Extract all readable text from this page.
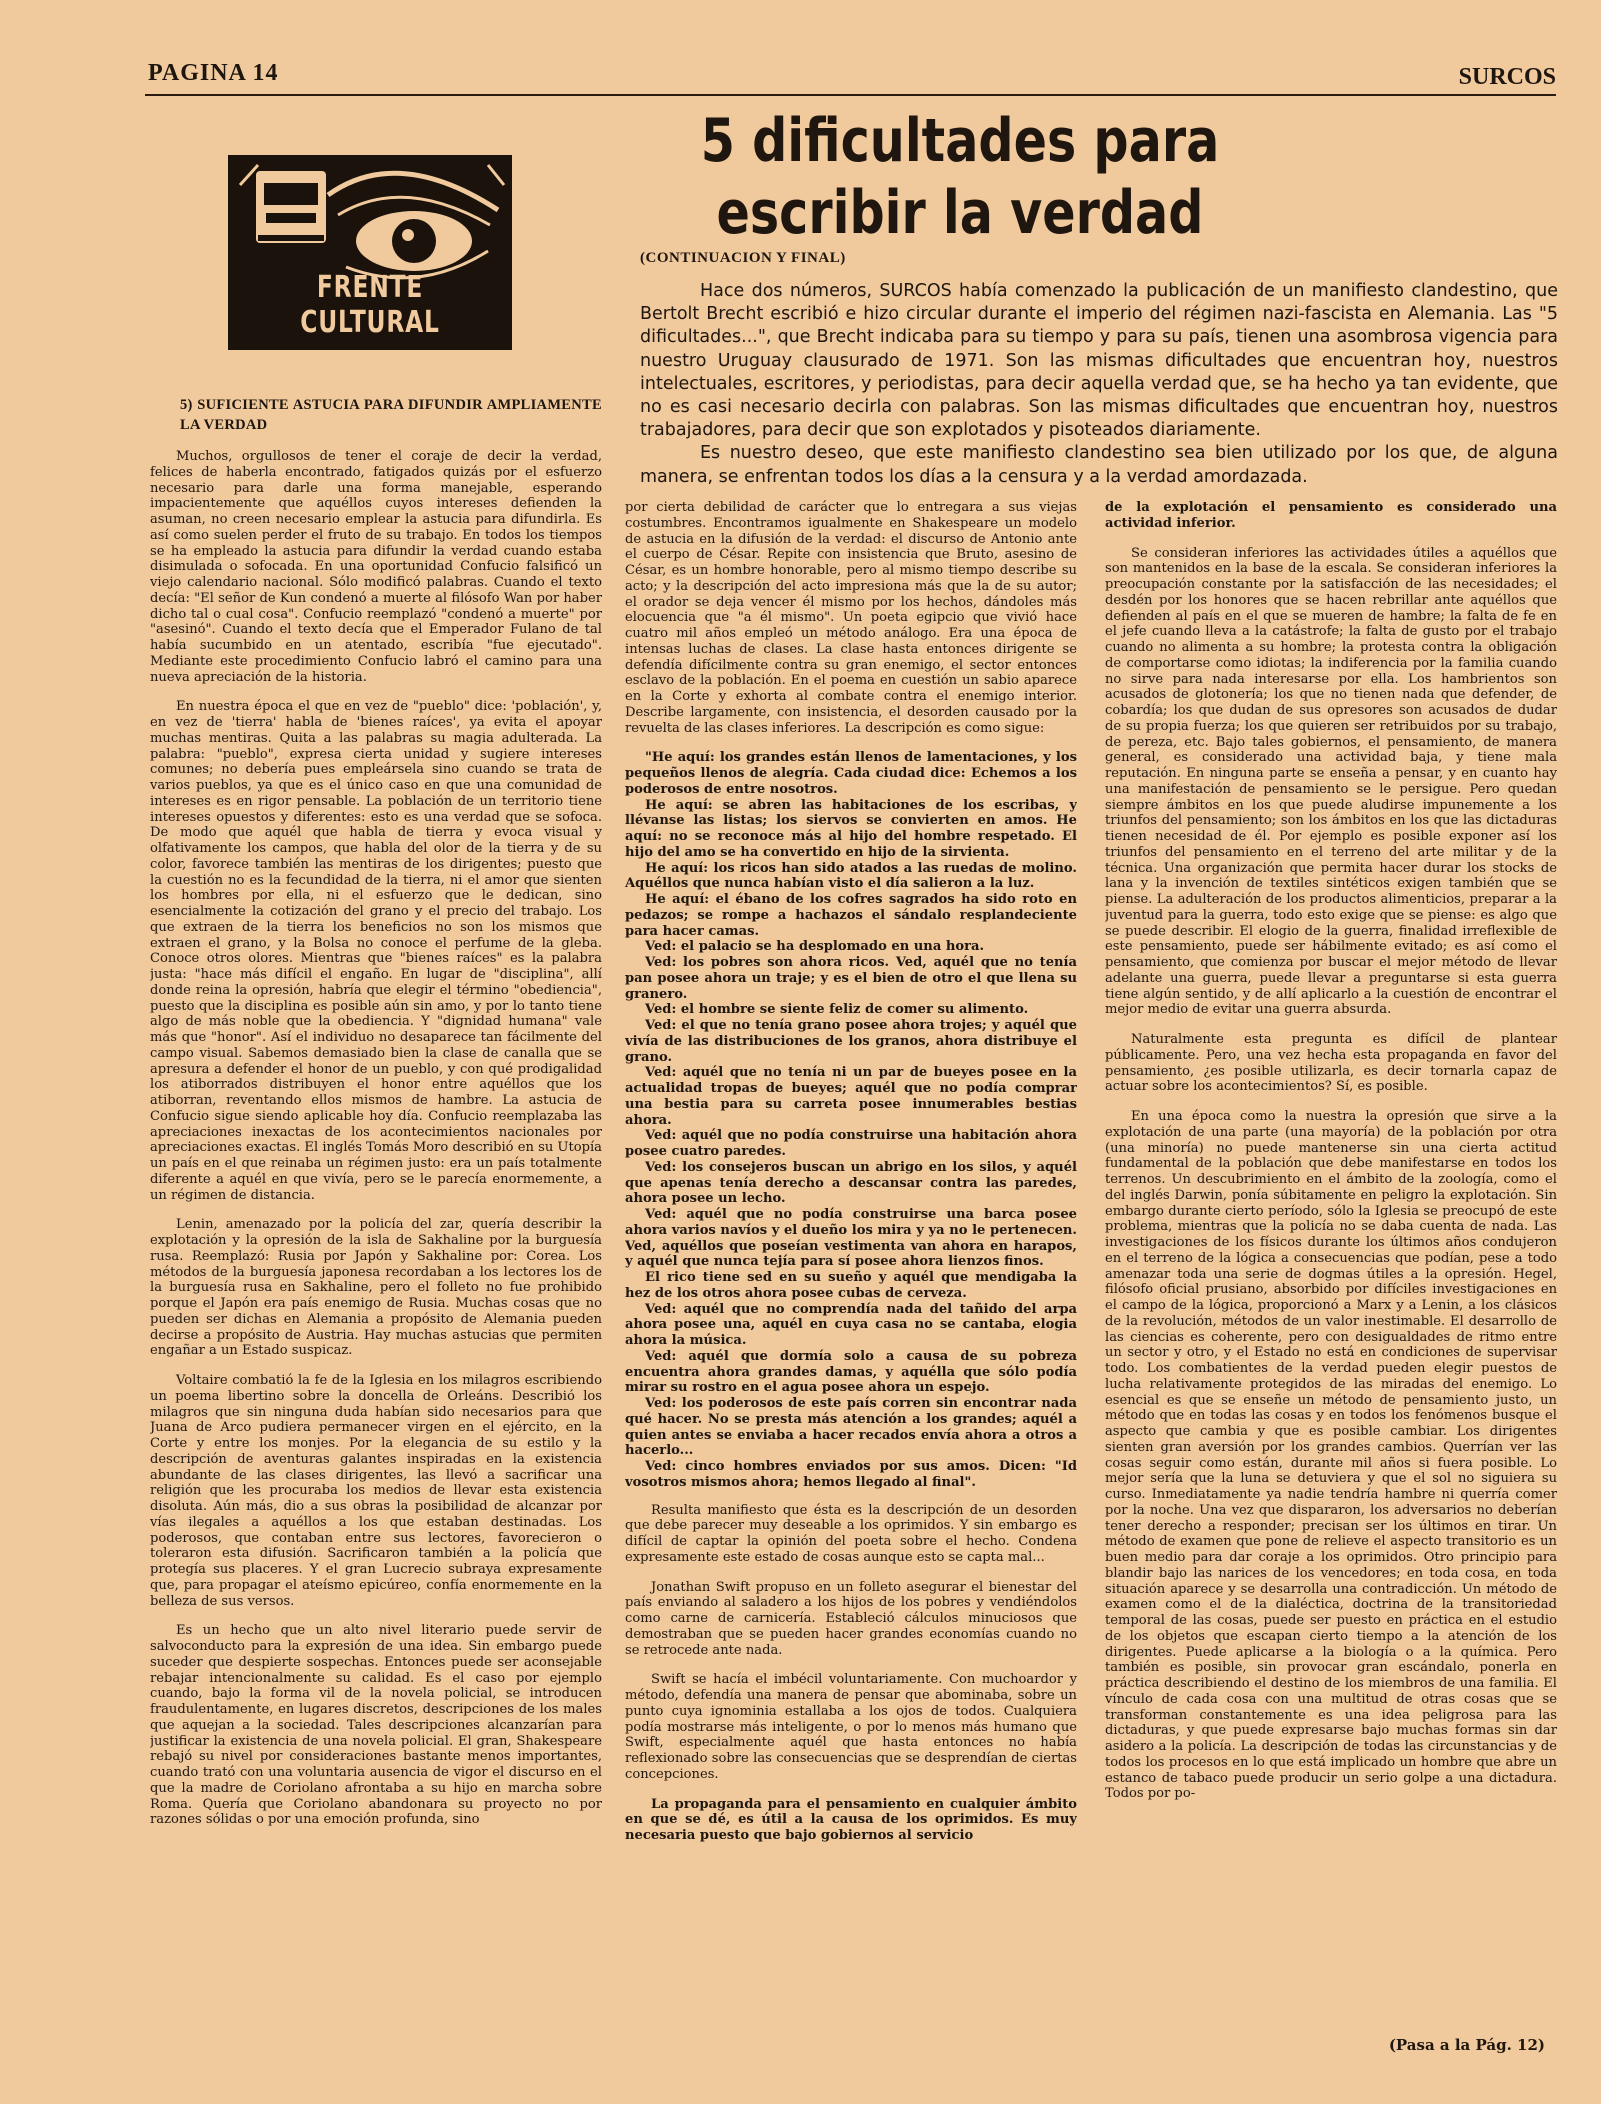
PAGINA 14	SURCOS
5 dificultades para escribir la verdad
(CONTINUACION Y FINAL)
FRENTE CULTURAL

Hace dos números, SURCOS había comenzado la publicación de un manifiesto clandestino, que Bertolt Brecht escribió e hizo circular durante el imperio del régimen nazi-fascista en Alemania. Las "5 dificultades...", que Brecht indicaba para su tiempo y para su país, tienen una asombrosa vigencia para nuestro Uruguay clausurado de 1971. Son las mismas dificultades que encuentran hoy, nuestros intelectuales, escritores, y periodistas, para decir aquella verdad que, se ha hecho ya tan evidente, que no es casi necesario decirla con palabras. Son las mismas dificultades que encuentran hoy, nuestros trabajadores, para decir que son explotados y pisoteados diariamente.

Es nuestro deseo, que este manifiesto clandestino sea bien utilizado por los que, de alguna manera, se enfrentan todos los días a la censura y a la verdad amordazada.

5) SUFICIENTE ASTUCIA PARA DIFUNDIR AMPLIAMENTE LA VERDAD

Muchos, orgullosos de tener el coraje de decir la verdad, felices de haberla encontrado, fatigados quizás por el esfuerzo necesario para darle una forma manejable, esperando impacientemente que aquéllos cuyos intereses defienden la asuman, no creen necesario emplear la astucia para difundirla. Es así como suelen perder el fruto de su trabajo. En todos los tiempos se ha empleado la astucia para difundir la verdad cuando estaba disimulada o sofocada. En una oportunidad Confucio falsificó un viejo calendario nacional. Sólo modificó palabras. Cuando el texto decía: "El señor de Kun condenó a muerte al filósofo Wan por haber dicho tal o cual cosa". Confucio reemplazó "condenó a muerte" por "asesinó". Cuando el texto decía que el Emperador Fulano de tal había sucumbido en un atentado, escribía "fue ejecutado". Mediante este procedimiento Confucio labró el camino para una nueva apreciación de la historia.

En nuestra época el que en vez de "pueblo" dice: 'población', y, en vez de 'tierra' habla de 'bienes raíces', ya evita el apoyar muchas mentiras. Quita a las palabras su magia adulterada. La palabra: "pueblo", expresa cierta unidad y sugiere intereses comunes; no debería pues empleársela sino cuando se trata de varios pueblos, ya que es el único caso en que una comunidad de intereses es en rigor pensable. La población de un territorio tiene intereses opuestos y diferentes: esto es una verdad que se sofoca. De modo que aquél que habla de tierra y evoca visual y olfativamente los campos, que habla del olor de la tierra y de su color, favorece también las mentiras de los dirigentes; puesto que la cuestión no es la fecundidad de la tierra, ni el amor que sienten los hombres por ella, ni el esfuerzo que le dedican, sino esencialmente la cotización del grano y el precio del trabajo. Los que extraen de la tierra los beneficios no son los mismos que extraen el grano, y la Bolsa no conoce el perfume de la gleba. Conoce otros olores. Mientras que "bienes raíces" es la palabra justa: "hace más difícil el engaño. En lugar de "disciplina", allí donde reina la opresión, habría que elegir el término "obediencia", puesto que la disciplina es posible aún sin amo, y por lo tanto tiene algo de más noble que la obediencia. Y "dignidad humana" vale más que "honor". Así el individuo no desaparece tan fácilmente del campo visual. Sabemos demasiado bien la clase de canalla que se apresura a defender el honor de un pueblo, y con qué prodigalidad los atiborrados distribuyen el honor entre aquéllos que los atiborran, reventando ellos mismos de hambre. La astucia de Confucio sigue siendo aplicable hoy día. Confucio reemplazaba las apreciaciones inexactas de los acontecimientos nacionales por apreciaciones exactas. El inglés Tomás Moro describió en su Utopía un país en el que reinaba un régimen justo: era un país totalmente diferente a aquél en que vivía, pero se le parecía enormemente, a un régimen de distancia.

Lenin, amenazado por la policía del zar, quería describir la explotación y la opresión de la isla de Sakhaline por la burguesía rusa. Reemplazó: Rusia por Japón y Sakhaline por: Corea. Los métodos de la burguesía japonesa recordaban a los lectores los de la burguesía rusa en Sakhaline, pero el folleto no fue prohibido porque el Japón era país enemigo de Rusia. Muchas cosas que no pueden ser dichas en Alemania a propósito de Alemania pueden decirse a propósito de Austria. Hay muchas astucias que permiten engañar a un Estado suspicaz.

Voltaire combatió la fe de la Iglesia en los milagros escribiendo un poema libertino sobre la doncella de Orleáns. Describió los milagros que sin ninguna duda habían sido necesarios para que Juana de Arco pudiera permanecer virgen en el ejército, en la Corte y entre los monjes. Por la elegancia de su estilo y la descripción de aventuras galantes inspiradas en la existencia abundante de las clases dirigentes, las llevó a sacrificar una religión que les procuraba los medios de llevar esta existencia disoluta. Aún más, dio a sus obras la posibilidad de alcanzar por vías ilegales a aquéllos a los que estaban destinadas. Los poderosos, que contaban entre sus lectores, favorecieron o toleraron esta difusión. Sacrificaron también a la policía que protegía sus placeres. Y el gran Lucrecio subraya expresamente que, para propagar el ateísmo epicúreo, confía enormemente en la belleza de sus versos.

Es un hecho que un alto nivel literario puede servir de salvoconducto para la expresión de una idea. Sin embargo puede suceder que despierte sospechas. Entonces puede ser aconsejable rebajar intencionalmente su calidad. Es el caso por ejemplo cuando, bajo la forma vil de la novela policial, se introducen fraudulentamente, en lugares discretos, descripciones de los males que aquejan a la sociedad. Tales descripciones alcanzarían para justificar la existencia de una novela policial. El gran, Shakespeare rebajó su nivel por consideraciones bastante menos importantes, cuando trató con una voluntaria ausencia de vigor el discurso en el que la madre de Coriolano afrontaba a su hijo en marcha sobre Roma. Quería que Coriolano abandonara su proyecto no por razones sólidas o por una emoción profunda, sino

por cierta debilidad de carácter que lo entregara a sus viejas costumbres. Encontramos igualmente en Shakespeare un modelo de astucia en la difusión de la verdad: el discurso de Antonio ante el cuerpo de César. Repite con insistencia que Bruto, asesino de César, es un hombre honorable, pero al mismo tiempo describe su acto; y la descripción del acto impresiona más que la de su autor; el orador se deja vencer él mismo por los hechos, dándoles más elocuencia que "a él mismo". Un poeta egipcio que vivió hace cuatro mil años empleó un método análogo. Era una época de intensas luchas de clases. La clase hasta entonces dirigente se defendía difícilmente contra su gran enemigo, el sector entonces esclavo de la población. En el poema en cuestión un sabio aparece en la Corte y exhorta al combate contra el enemigo interior. Describe largamente, con insistencia, el desorden causado por la revuelta de las clases inferiores. La descripción es como sigue:

"He aquí: los grandes están llenos de lamentaciones, y los pequeños llenos de alegría. Cada ciudad dice: Echemos a los poderosos de entre nosotros.
He aquí: se abren las habitaciones de los escribas, y llévanse las listas; los siervos se convierten en amos. He aquí: no se reconoce más al hijo del hombre respetado. El hijo del amo se ha convertido en hijo de la sirvienta.
He aquí: los ricos han sido atados a las ruedas de molino. Aquéllos que nunca habían visto el día salieron a la luz.
He aquí: el ébano de los cofres sagrados ha sido roto en pedazos; se rompe a hachazos el sándalo resplandeciente para hacer camas.
Ved: el palacio se ha desplomado en una hora.
Ved: los pobres son ahora ricos. Ved, aquél que no tenía pan posee ahora un traje; y es el bien de otro el que llena su granero.
Ved: el hombre se siente feliz de comer su alimento.
Ved: el que no tenía grano posee ahora trojes; y aquél que vivía de las distribuciones de los granos, ahora distribuye el grano.
Ved: aquél que no tenía ni un par de bueyes posee en la actualidad tropas de bueyes; aquél que no podía comprar una bestia para su carreta posee innumerables bestias ahora.
Ved: aquél que no podía construirse una habitación ahora posee cuatro paredes.
Ved: los consejeros buscan un abrigo en los silos, y aquél que apenas tenía derecho a descansar contra las paredes, ahora posee un lecho.
Ved: aquél que no podía construirse una barca posee ahora varios navíos y el dueño los mira y ya no le pertenecen. Ved, aquéllos que poseían vestimenta van ahora en harapos, y aquél que nunca tejía para sí posee ahora lienzos finos.
El rico tiene sed en su sueño y aquél que mendigaba la hez de los otros ahora posee cubas de cerveza.
Ved: aquél que no comprendía nada del tañido del arpa ahora posee una, aquél en cuya casa no se cantaba, elogia ahora la música.
Ved: aquél que dormía solo a causa de su pobreza encuentra ahora grandes damas, y aquélla que sólo podía mirar su rostro en el agua posee ahora un espejo.
Ved: los poderosos de este país corren sin encontrar nada qué hacer. No se presta más atención a los grandes; aquél a quien antes se enviaba a hacer recados envía ahora a otros a hacerlo...
Ved: cinco hombres enviados por sus amos. Dicen: "Id vosotros mismos ahora; hemos llegado al final".

Resulta manifiesto que ésta es la descripción de un desorden que debe parecer muy deseable a los oprimidos. Y sin embargo es difícil de captar la opinión del poeta sobre el hecho. Condena expresamente este estado de cosas aunque esto se capta mal...

Jonathan Swift propuso en un folleto asegurar el bienestar del país enviando al saladero a los hijos de los pobres y vendiéndolos como carne de carnicería. Estableció cálculos minuciosos que demostraban que se pueden hacer grandes economías cuando no se retrocede ante nada.

Swift se hacía el imbécil voluntariamente. Con muchoardor y método, defendía una manera de pensar que abominaba, sobre un punto cuya ignominia estallaba a los ojos de todos. Cualquiera podía mostrarse más inteligente, o por lo menos más humano que Swift, especialmente aquél que hasta entonces no había reflexionado sobre las consecuencias que se desprendían de ciertas concepciones.

La propaganda para el pensamiento en cualquier ámbito en que se dé, es útil a la causa de los oprimidos. Es muy necesaria puesto que bajo gobiernos al servicio

de la explotación el pensamiento es considerado una actividad inferior.

Se consideran inferiores las actividades útiles a aquéllos que son mantenidos en la base de la escala. Se consideran inferiores la preocupación constante por la satisfacción de las necesidades; el desdén por los honores que se hacen rebrillar ante aquéllos que defienden al país en el que se mueren de hambre; la falta de fe en el jefe cuando lleva a la catástrofe; la falta de gusto por el trabajo cuando no alimenta a su hombre; la protesta contra la obligación de comportarse como idiotas; la indiferencia por la familia cuando no sirve para nada interesarse por ella. Los hambrientos son acusados de glotonería; los que no tienen nada que defender, de cobardía; los que dudan de sus opresores son acusados de dudar de su propia fuerza; los que quieren ser retribuidos por su trabajo, de pereza, etc. Bajo tales gobiernos, el pensamiento, de manera general, es considerado una actividad baja, y tiene mala reputación. En ninguna parte se enseña a pensar, y en cuanto hay una manifestación de pensamiento se le persigue. Pero quedan siempre ámbitos en los que puede aludirse impunemente a los triunfos del pensamiento; son los ámbitos en los que las dictaduras tienen necesidad de él. Por ejemplo es posible exponer así los triunfos del pensamiento en el terreno del arte militar y de la técnica. Una organización que permita hacer durar los stocks de lana y la invención de textiles sintéticos exigen también que se piense. La adulteración de los productos alimenticios, preparar a la juventud para la guerra, todo esto exige que se piense: es algo que se puede describir. El elogio de la guerra, finalidad irreflexible de este pensamiento, puede ser hábilmente evitado; es así como el pensamiento, que comienza por buscar el mejor método de llevar adelante una guerra, puede llevar a preguntarse si esta guerra tiene algún sentido, y de allí aplicarlo a la cuestión de encontrar el mejor medio de evitar una guerra absurda.

Naturalmente esta pregunta es difícil de plantear públicamente. Pero, una vez hecha esta propaganda en favor del pensamiento, ¿es posible utilizarla, es decir tornarla capaz de actuar sobre los acontecimientos? Sí, es posible.

En una época como la nuestra la opresión que sirve a la explotación de una parte (una mayoría) de la población por otra (una minoría) no puede mantenerse sin una cierta actitud fundamental de la población que debe manifestarse en todos los terrenos. Un descubrimiento en el ámbito de la zoología, como el del inglés Darwin, ponía súbitamente en peligro la explotación. Sin embargo durante cierto período, sólo la Iglesia se preocupó de este problema, mientras que la policía no se daba cuenta de nada. Las investigaciones de los físicos durante los últimos años condujeron en el terreno de la lógica a consecuencias que podían, pese a todo amenazar toda una serie de dogmas útiles a la opresión. Hegel, filósofo oficial prusiano, absorbido por difíciles investigaciones en el campo de la lógica, proporcionó a Marx y a Lenin, a los clásicos de la revolución, métodos de un valor inestimable. El desarrollo de las ciencias es coherente, pero con desigualdades de ritmo entre un sector y otro, y el Estado no está en condiciones de supervisar todo. Los combatientes de la verdad pueden elegir puestos de lucha relativamente protegidos de las miradas del enemigo. Lo esencial es que se enseñe un método de pensamiento justo, un método que en todas las cosas y en todos los fenómenos busque el aspecto que cambia y que es posible cambiar. Los dirigentes sienten gran aversión por los grandes cambios. Querrían ver las cosas seguir como están, durante mil años si fuera posible. Lo mejor sería que la luna se detuviera y que el sol no siguiera su curso. Inmediatamente ya nadie tendría hambre ni querría comer por la noche. Una vez que dispararon, los adversarios no deberían tener derecho a responder; precisan ser los últimos en tirar. Un método de examen que pone de relieve el aspecto transitorio es un buen medio para dar coraje a los oprimidos. Otro principio para blandir bajo las narices de los vencedores; en toda cosa, en toda situación aparece y se desarrolla una contradicción. Un método de examen como el de la dialéctica, doctrina de la transitoriedad temporal de las cosas, puede ser puesto en práctica en el estudio de los objetos que escapan cierto tiempo a la atención de los dirigentes. Puede aplicarse a la biología o a la química. Pero también es posible, sin provocar gran escándalo, ponerla en práctica describiendo el destino de los miembros de una familia. El vínculo de cada cosa con una multitud de otras cosas que se transforman constantemente es una idea peligrosa para las dictaduras, y que puede expresarse bajo muchas formas sin dar asidero a la policía. La descripción de todas las circunstancias y de todos los procesos en lo que está implicado un hombre que abre un estanco de tabaco puede producir un serio golpe a una dictadura. Todos por po-

(Pasa a la Pág. 12)
